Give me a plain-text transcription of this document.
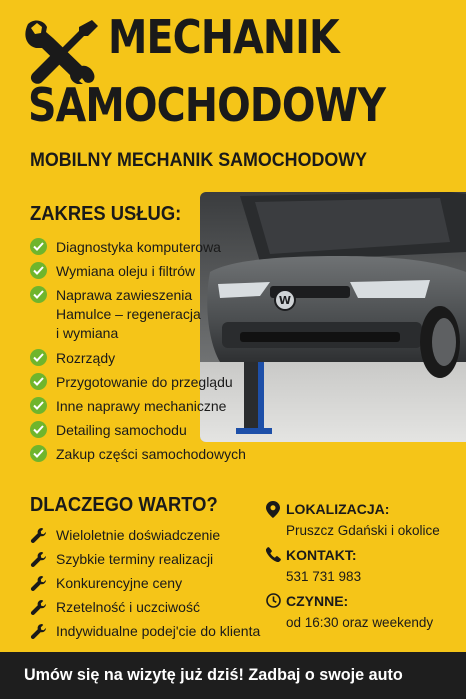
MECHANIK
SAMOCHODOWY
MOBILNY MECHANIK SAMOCHODOWY
ZAKRES USŁUG:
W
Diagnostyka komputerowa
Wymiana oleju i filtrów
Naprawa zawieszenia
Hamulce – regeneracja
i wymiana
Rozrządy
Przygotowanie do przeglądu
Inne naprawy mechaniczne
Detailing samochodu
Zakup części samochodowych
DLACZEGO WARTO?
Wieloletnie doświadczenie
Szybkie terminy realizacji
Konkurencyjne ceny
Rzetelność i uczciwość
Indywidualne podej'cie do klienta
LOKALIZACJA:
Pruszcz Gdański i okolice
KONTAKT:
531 731 983
CZYNNE:
od 16:30 oraz weekendy
Umów się na wizytę już dziś! Zadbaj o swoje auto
